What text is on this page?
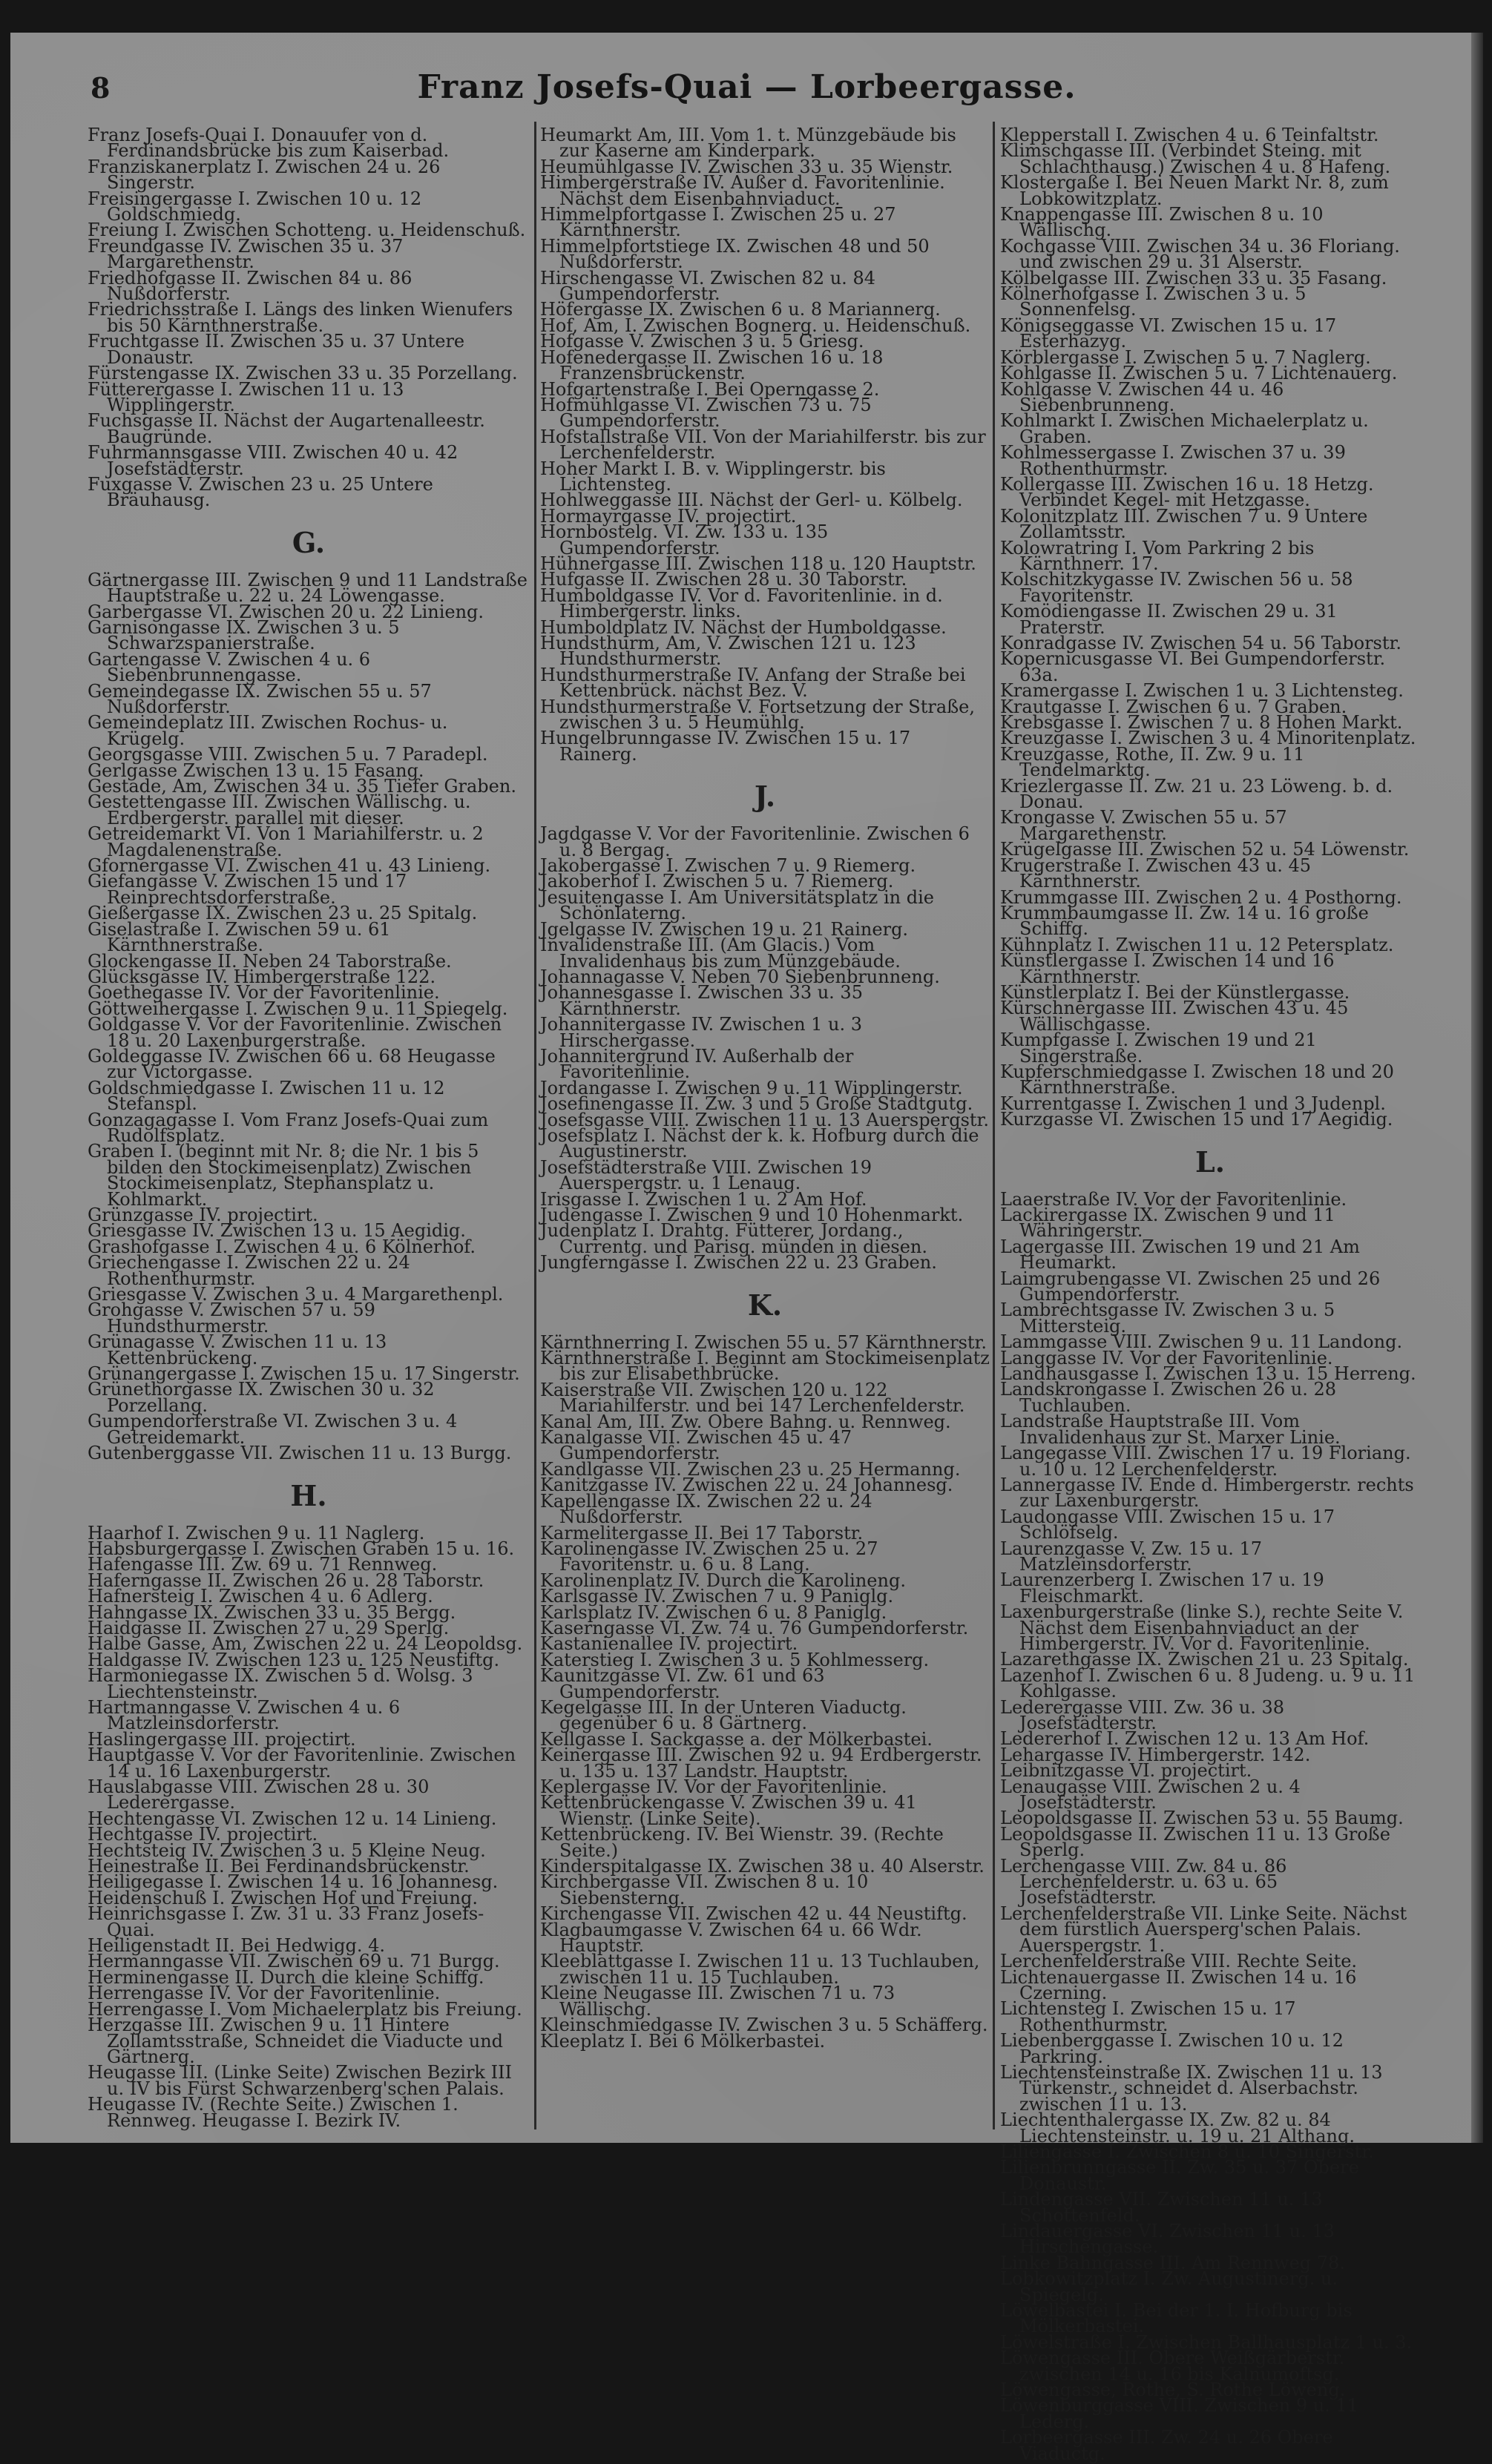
8	Franz Josefs-Quai — Lorbeergasse.

Franz Josefs-Quai I. Donauufer von d. Ferdinandsbrücke bis zum Kaiserbad.

Franziskanerplatz I. Zwischen 24 u. 26 Singerstr.

Freisingergasse I. Zwischen 10 u. 12 Goldschmiedg.

Freiung I. Zwischen Schotteng. u. Heidenschuß.

Freundgasse IV. Zwischen 35 u. 37 Margarethenstr.

Friedhofgasse II. Zwischen 84 u. 86 Nußdorferstr.

Friedrichsstraße I. Längs des linken Wienufers bis 50 Kärnthnerstraße.

Fruchtgasse II. Zwischen 35 u. 37 Untere Donaustr.

Fürstengasse IX. Zwischen 33 u. 35 Porzellang.

Fütterergasse I. Zwischen 11 u. 13 Wipplingerstr.

Fuchsgasse II. Nächst der Augartenalleestr. Baugründe.

Fuhrmannsgasse VIII. Zwischen 40 u. 42 Josefstädterstr.

Fuxgasse V. Zwischen 23 u. 25 Untere Bräuhausg.

G.

Gärtnergasse III. Zwischen 9 und 11 Landstraße Hauptstraße u. 22 u. 24 Löwengasse.

Garbergasse VI. Zwischen 20 u. 22 Linieng.

Garnisongasse IX. Zwischen 3 u. 5 Schwarzspanierstraße.

Gartengasse V. Zwischen 4 u. 6 Siebenbrunnengasse.

Gemeindegasse IX. Zwischen 55 u. 57 Nußdorferstr.

Gemeindeplatz III. Zwischen Rochus- u. Krügelg.

Georgsgasse VIII. Zwischen 5 u. 7 Paradepl.

Gerlgasse Zwischen 13 u. 15 Fasang.

Gestade, Am, Zwischen 34 u. 35 Tiefer Graben.

Gestettengasse III. Zwischen Wällischg. u. Erdbergerstr. parallel mit dieser.

Getreidemarkt VI. Von 1 Mariahilferstr. u. 2 Magdalenenstraße.

Gfornergasse VI. Zwischen 41 u. 43 Linieng.

Giefangasse V. Zwischen 15 und 17 Reinprechtsdorferstraße.

Gießergasse IX. Zwischen 23 u. 25 Spitalg.

Giselastraße I. Zwischen 59 u. 61 Kärnthnerstraße.

Glockengasse II. Neben 24 Taborstraße.

Glücksgasse IV. Himbergerstraße 122.

Goethegasse IV. Vor der Favoritenlinie.

Göttweihergasse I. Zwischen 9 u. 11 Spiegelg.

Goldgasse V. Vor der Favoritenlinie. Zwischen 18 u. 20 Laxenburgerstraße.

Goldeggasse IV. Zwischen 66 u. 68 Heugasse zur Victorgasse.

Goldschmiedgasse I. Zwischen 11 u. 12 Stefanspl.

Gonzagagasse I. Vom Franz Josefs-Quai zum Rudolfsplatz.

Graben I. (beginnt mit Nr. 8; die Nr. 1 bis 5 bilden den Stockimeisenplatz) Zwischen Stockimeisenplatz, Stephansplatz u. Kohlmarkt.

Grünzgasse IV. projectirt.

Griesgasse IV. Zwischen 13 u. 15 Aegidig.

Grashofgasse I. Zwischen 4 u. 6 Kölnerhof.

Griechengasse I. Zwischen 22 u. 24 Rothenthurmstr.

Griesgasse V. Zwischen 3 u. 4 Margarethenpl.

Grohgasse V. Zwischen 57 u. 59 Hundsthurmerstr.

Grünagasse V. Zwischen 11 u. 13 Kettenbrückeng.

Grünangergasse I. Zwischen 15 u. 17 Singerstr.

Grünethorgasse IX. Zwischen 30 u. 32 Porzellang.

Gumpendorferstraße VI. Zwischen 3 u. 4 Getreidemarkt.

Gutenberggasse VII. Zwischen 11 u. 13 Burgg.

H.

Haarhof I. Zwischen 9 u. 11 Naglerg.

Habsburgergasse I. Zwischen Graben 15 u. 16.

Hafengasse III. Zw. 69 u. 71 Rennweg.

Haferngasse II. Zwischen 26 u. 28 Taborstr.

Hafnersteig I. Zwischen 4 u. 6 Adlerg.

Hahngasse IX. Zwischen 33 u. 35 Bergg.

Haidgasse II. Zwischen 27 u. 29 Sperlg.

Halbe Gasse, Am, Zwischen 22 u. 24 Leopoldsg.

Haldgasse IV. Zwischen 123 u. 125 Neustiftg.

Harmoniegasse IX. Zwischen 5 d. Wolsg. 3 Liechtensteinstr.

Hartmanngasse V. Zwischen 4 u. 6 Matzleinsdorferstr.

Haslingergasse III. projectirt.

Hauptgasse V. Vor der Favoritenlinie. Zwischen 14 u. 16 Laxenburgerstr.

Hauslabgasse VIII. Zwischen 28 u. 30 Lederergasse.

Hechtengasse VI. Zwischen 12 u. 14 Linieng.

Hechtgasse IV. projectirt.

Hechtsteig IV. Zwischen 3 u. 5 Kleine Neug.

Heinestraße II. Bei Ferdinandsbrückenstr.

Heiligegasse I. Zwischen 14 u. 16 Johannesg.

Heidenschuß I. Zwischen Hof und Freiung.

Heinrichsgasse I. Zw. 31 u. 33 Franz Josefs-Quai.

Heiligenstadt II. Bei Hedwigg. 4.

Hermanngasse VII. Zwischen 69 u. 71 Burgg.

Herminengasse II. Durch die kleine Schiffg.

Herrengasse IV. Vor der Favoritenlinie.

Herrengasse I. Vom Michaelerplatz bis Freiung.

Herzgasse III. Zwischen 9 u. 11 Hintere Zollamtsstraße, Schneidet die Viaducte und Gärtnerg.

Heugasse III. (Linke Seite) Zwischen Bezirk III u. IV bis Fürst Schwarzenberg'schen Palais.

Heugasse IV. (Rechte Seite.) Zwischen 1. Rennweg. Heugasse I. Bezirk IV.

Heumarkt Am, III. Vom 1. t. Münzgebäude bis zur Kaserne am Kinderpark.

Heumühlgasse IV. Zwischen 33 u. 35 Wienstr.

Himbergerstraße IV. Außer d. Favoritenlinie. Nächst dem Eisenbahnviaduct.

Himmelpfortgasse I. Zwischen 25 u. 27 Kärnthnerstr.

Himmelpfortstiege IX. Zwischen 48 und 50 Nußdorferstr.

Hirschengasse VI. Zwischen 82 u. 84 Gumpendorferstr.

Höfergasse IX. Zwischen 6 u. 8 Mariannerg.

Hof, Am, I. Zwischen Bognerg. u. Heidenschuß.

Hofgasse V. Zwischen 3 u. 5 Griesg.

Hofenedergasse II. Zwischen 16 u. 18 Franzensbrückenstr.

Hofgartenstraße I. Bei Operngasse 2.

Hofmühlgasse VI. Zwischen 73 u. 75 Gumpendorferstr.

Hofstallstraße VII. Von der Mariahilferstr. bis zur Lerchenfelderstr.

Hoher Markt I. B. v. Wipplingerstr. bis Lichtensteg.

Hohlweggasse III. Nächst der Gerl- u. Kölbelg.

Hormayrgasse IV. projectirt.

Hornbostelg. VI. Zw. 133 u. 135 Gumpendorferstr.

Hühnergasse III. Zwischen 118 u. 120 Hauptstr.

Hufgasse II. Zwischen 28 u. 30 Taborstr.

Humboldgasse IV. Vor d. Favoritenlinie. in d. Himbergerstr. links.

Humboldplatz IV. Nächst der Humboldgasse.

Hundsthurm, Am, V. Zwischen 121 u. 123 Hundsthurmerstr.

Hundsthurmerstraße IV. Anfang der Straße bei Kettenbrück. nächst Bez. V.

Hundsthurmerstraße V. Fortsetzung der Straße, zwischen 3 u. 5 Heumühlg.

Hungelbrunngasse IV. Zwischen 15 u. 17 Rainerg.

J.

Jagdgasse V. Vor der Favoritenlinie. Zwischen 6 u. 8 Bergag.

Jakobergasse I. Zwischen 7 u. 9 Riemerg.

Jakoberhof I. Zwischen 5 u. 7 Riemerg.

Jesuitengasse I. Am Universitätsplatz in die Schönlaterng.

Jgelgasse IV. Zwischen 19 u. 21 Rainerg.

Invalidenstraße III. (Am Glacis.) Vom Invalidenhaus bis zum Münzgebäude.

Johannagasse V. Neben 70 Siebenbrunneng.

Johannesgasse I. Zwischen 33 u. 35 Kärnthnerstr.

Johannitergasse IV. Zwischen 1 u. 3 Hirschergasse.

Johannitergrund IV. Außerhalb der Favoritenlinie.

Jordangasse I. Zwischen 9 u. 11 Wipplingerstr.

Josefinengasse II. Zw. 3 und 5 Große Stadtgutg.

Josefsgasse VIII. Zwischen 11 u. 13 Auerspergstr.

Josefsplatz I. Nächst der k. k. Hofburg durch die Augustinerstr.

Josefstädterstraße VIII. Zwischen 19 Auerspergstr. u. 1 Lenaug.

Irisgasse I. Zwischen 1 u. 2 Am Hof.

Judengasse I. Zwischen 9 und 10 Hohenmarkt.

Judenplatz I. Drahtg. Fütterer, Jordang., Currentg. und Parisg. münden in diesen.

Jungferngasse I. Zwischen 22 u. 23 Graben.

K.

Kärnthnerring I. Zwischen 55 u. 57 Kärnthnerstr.

Kärnthnerstraße I. Beginnt am Stockimeisenplatz bis zur Elisabethbrücke.

Kaiserstraße VII. Zwischen 120 u. 122 Mariahilferstr. und bei 147 Lerchenfelderstr.

Kanal Am, III. Zw. Obere Bahng. u. Rennweg.

Kanalgasse VII. Zwischen 45 u. 47 Gumpendorferstr.

Kandlgasse VII. Zwischen 23 u. 25 Hermanng.

Kanitzgasse IV. Zwischen 22 u. 24 Johannesg.

Kapellengasse IX. Zwischen 22 u. 24 Nußdorferstr.

Karmelitergasse II. Bei 17 Taborstr.

Karolinengasse IV. Zwischen 25 u. 27 Favoritenstr. u. 6 u. 8 Lang.

Karolinenplatz IV. Durch die Karolineng.

Karlsgasse IV. Zwischen 7 u. 9 Paniglg.

Karlsplatz IV. Zwischen 6 u. 8 Paniglg.

Kaserngasse VI. Zw. 74 u. 76 Gumpendorferstr.

Kastanienallee IV. projectirt.

Katerstieg I. Zwischen 3 u. 5 Kohlmesserg.

Kaunitzgasse VI. Zw. 61 und 63 Gumpendorferstr.

Kegelgasse III. In der Unteren Viaductg. gegenüber 6 u. 8 Gärtnerg.

Kellgasse I. Sackgasse a. der Mölkerbastei.

Keinergasse III. Zwischen 92 u. 94 Erdbergerstr. u. 135 u. 137 Landstr. Hauptstr.

Keplergasse IV. Vor der Favoritenlinie.

Kettenbrückengasse V. Zwischen 39 u. 41 Wienstr. (Linke Seite).

Kettenbrückeng. IV. Bei Wienstr. 39. (Rechte Seite.)

Kinderspitalgasse IX. Zwischen 38 u. 40 Alserstr.

Kirchbergasse VII. Zwischen 8 u. 10 Siebensterng.

Kirchengasse VII. Zwischen 42 u. 44 Neustiftg.

Klagbaumgasse V. Zwischen 64 u. 66 Wdr. Hauptstr.

Kleeblattgasse I. Zwischen 11 u. 13 Tuchlauben, zwischen 11 u. 15 Tuchlauben.

Kleine Neugasse III. Zwischen 71 u. 73 Wällischg.

Kleinschmiedgasse IV. Zwischen 3 u. 5 Schäfferg.

Kleeplatz I. Bei 6 Mölkerbastei.

Klepperstall I. Zwischen 4 u. 6 Teinfaltstr.

Klimschgasse III. (Verbindet Steing. mit Schlachthausg.) Zwischen 4 u. 8 Hafeng.

Klostergaße I. Bei Neuen Markt Nr. 8, zum Lobkowitzplatz.

Knappengasse III. Zwischen 8 u. 10 Wällischg.

Kochgasse VIII. Zwischen 34 u. 36 Floriang. und zwischen 29 u. 31 Alserstr.

Kölbelgasse III. Zwischen 33 u. 35 Fasang.

Kölnerhofgasse I. Zwischen 3 u. 5 Sonnenfelsg.

Königseggasse VI. Zwischen 15 u. 17 Esterhazyg.

Körblergasse I. Zwischen 5 u. 7 Naglerg.

Kohlgasse II. Zwischen 5 u. 7 Lichtenauerg.

Kohlgasse V. Zwischen 44 u. 46 Siebenbrunneng.

Kohlmarkt I. Zwischen Michaelerplatz u. Graben.

Kohlmessergasse I. Zwischen 37 u. 39 Rothenthurmstr.

Kollergasse III. Zwischen 16 u. 18 Hetzg. Verbindet Kegel- mit Hetzgasse.

Kolonitzplatz III. Zwischen 7 u. 9 Untere Zollamtsstr.

Kolowratring I. Vom Parkring 2 bis Kärnthnerr. 17.

Kolschitzkygasse IV. Zwischen 56 u. 58 Favoritenstr.

Komödiengasse II. Zwischen 29 u. 31 Praterstr.

Konradgasse IV. Zwischen 54 u. 56 Taborstr.

Kopernicusgasse VI. Bei Gumpendorferstr. 63a.

Kramergasse I. Zwischen 1 u. 3 Lichtensteg.

Krautgasse I. Zwischen 6 u. 7 Graben.

Krebsgasse I. Zwischen 7 u. 8 Hohen Markt.

Kreuzgasse I. Zwischen 3 u. 4 Minoritenplatz.

Kreuzgasse, Rothe, II. Zw. 9 u. 11 Tendelmarktg.

Kriezlergasse II. Zw. 21 u. 23 Löweng. b. d. Donau.

Krongasse V. Zwischen 55 u. 57 Margarethenstr.

Krügelgasse III. Zwischen 52 u. 54 Löwenstr.

Krugerstraße I. Zwischen 43 u. 45 Kärnthnerstr.

Krummgasse III. Zwischen 2 u. 4 Posthorng.

Krummbaumgasse II. Zw. 14 u. 16 große Schiffg.

Kühnplatz I. Zwischen 11 u. 12 Petersplatz.

Künstlergasse I. Zwischen 14 und 16 Kärnthnerstr.

Künstlerplatz I. Bei der Künstlergasse.

Kürschnergasse III. Zwischen 43 u. 45 Wällischgasse.

Kumpfgasse I. Zwischen 19 und 21 Singerstraße.

Kupferschmiedgasse I. Zwischen 18 und 20 Kärnthnerstraße.

Kurrentgasse I. Zwischen 1 und 3 Judenpl.

Kurzgasse VI. Zwischen 15 und 17 Aegidig.

L.

Laaerstraße IV. Vor der Favoritenlinie.

Lackirergasse IX. Zwischen 9 und 11 Währingerstr.

Lagergasse III. Zwischen 19 und 21 Am Heumarkt.

Laimgrubengasse VI. Zwischen 25 und 26 Gumpendorferstr.

Lambrechtsgasse IV. Zwischen 3 u. 5 Mittersteig.

Lammgasse VIII. Zwischen 9 u. 11 Landong.

Langgasse IV. Vor der Favoritenlinie.

Landhausgasse I. Zwischen 13 u. 15 Herreng.

Landskrongasse I. Zwischen 26 u. 28 Tuchlauben.

Landstraße Hauptstraße III. Vom Invalidenhaus zur St. Marxer Linie.

Langegasse VIII. Zwischen 17 u. 19 Floriang. u. 10 u. 12 Lerchenfelderstr.

Lannergasse IV. Ende d. Himbergerstr. rechts zur Laxenburgerstr.

Laudongasse VIII. Zwischen 15 u. 17 Schlöfselg.

Laurenzgasse V. Zw. 15 u. 17 Matzleinsdorferstr.

Laurenzerberg I. Zwischen 17 u. 19 Fleischmarkt.

Laxenburgerstraße (linke S.), rechte Seite V. Nächst dem Eisenbahnviaduct an der Himbergerstr. IV. Vor d. Favoritenlinie.

Lazarethgasse IX. Zwischen 21 u. 23 Spitalg.

Lazenhof I. Zwischen 6 u. 8 Judeng. u. 9 u. 11 Kohlgasse.

Lederergasse VIII. Zw. 36 u. 38 Josefstädterstr.

Ledererhof I. Zwischen 12 u. 13 Am Hof.

Lehargasse IV. Himbergerstr. 142.

Leibnitzgasse VI. projectirt.

Lenaugasse VIII. Zwischen 2 u. 4 Josefstädterstr.

Leopoldsgasse II. Zwischen 53 u. 55 Baumg.

Leopoldsgasse II. Zwischen 11 u. 13 Große Sperlg.

Lerchengasse VIII. Zw. 84 u. 86 Lerchenfelderstr. u. 63 u. 65 Josefstädterstr.

Lerchenfelderstraße VII. Linke Seite. Nächst dem fürstlich Auersperg'schen Palais. Auerspergstr. 1.

Lerchenfelderstraße VIII. Rechte Seite.

Lichtenauergasse II. Zwischen 14 u. 16 Czerning.

Lichtensteg I. Zwischen 15 u. 17 Rothenthurmstr.

Liebenberggasse I. Zwischen 10 u. 12 Parkring.

Liechtensteinstraße IX. Zwischen 11 u. 13 Türkenstr., schneidet d. Alserbachstr. zwischen 11 u. 13.

Liechtenthalergasse IX. Zw. 82 u. 84 Liechtensteinstr. u. 19 u. 21 Althang.

Liliengasse I. Zwischen 8 u. 10 Singerstr.

Lilienbrunngasse II. Zw. 35 u. 37 Obere Donaustr.

Lindengasse VII. Zwischen 11 u. 13 Schottenfeld.

Lindauergasse VI. Zwischen 11 u. 13 Hirschengasse.

Linke Bahngasse III. Am Rennweg 78.

Lobkowitzplatz I. Zw. Augustinerg. u. Spiegelg.

Löwelbastei I. Bei der 1. I. Hofburg bis Mölkerbastei.

Löwelstraße I. Zwischen Ballhausplatz 1 u. 3.

Löwengasse III. Obere Weißgärberstr. zwischen 14 u. 16 bis Kalnumoftsg.

Löwengasse, Rothe, S. Rothe Löweng.

Löwenburggasse VIII. Zwischen 9 u. 11 Lederg.

Lorbeergasse III. Zw. 24 u. 26 Obere Viaductg.
